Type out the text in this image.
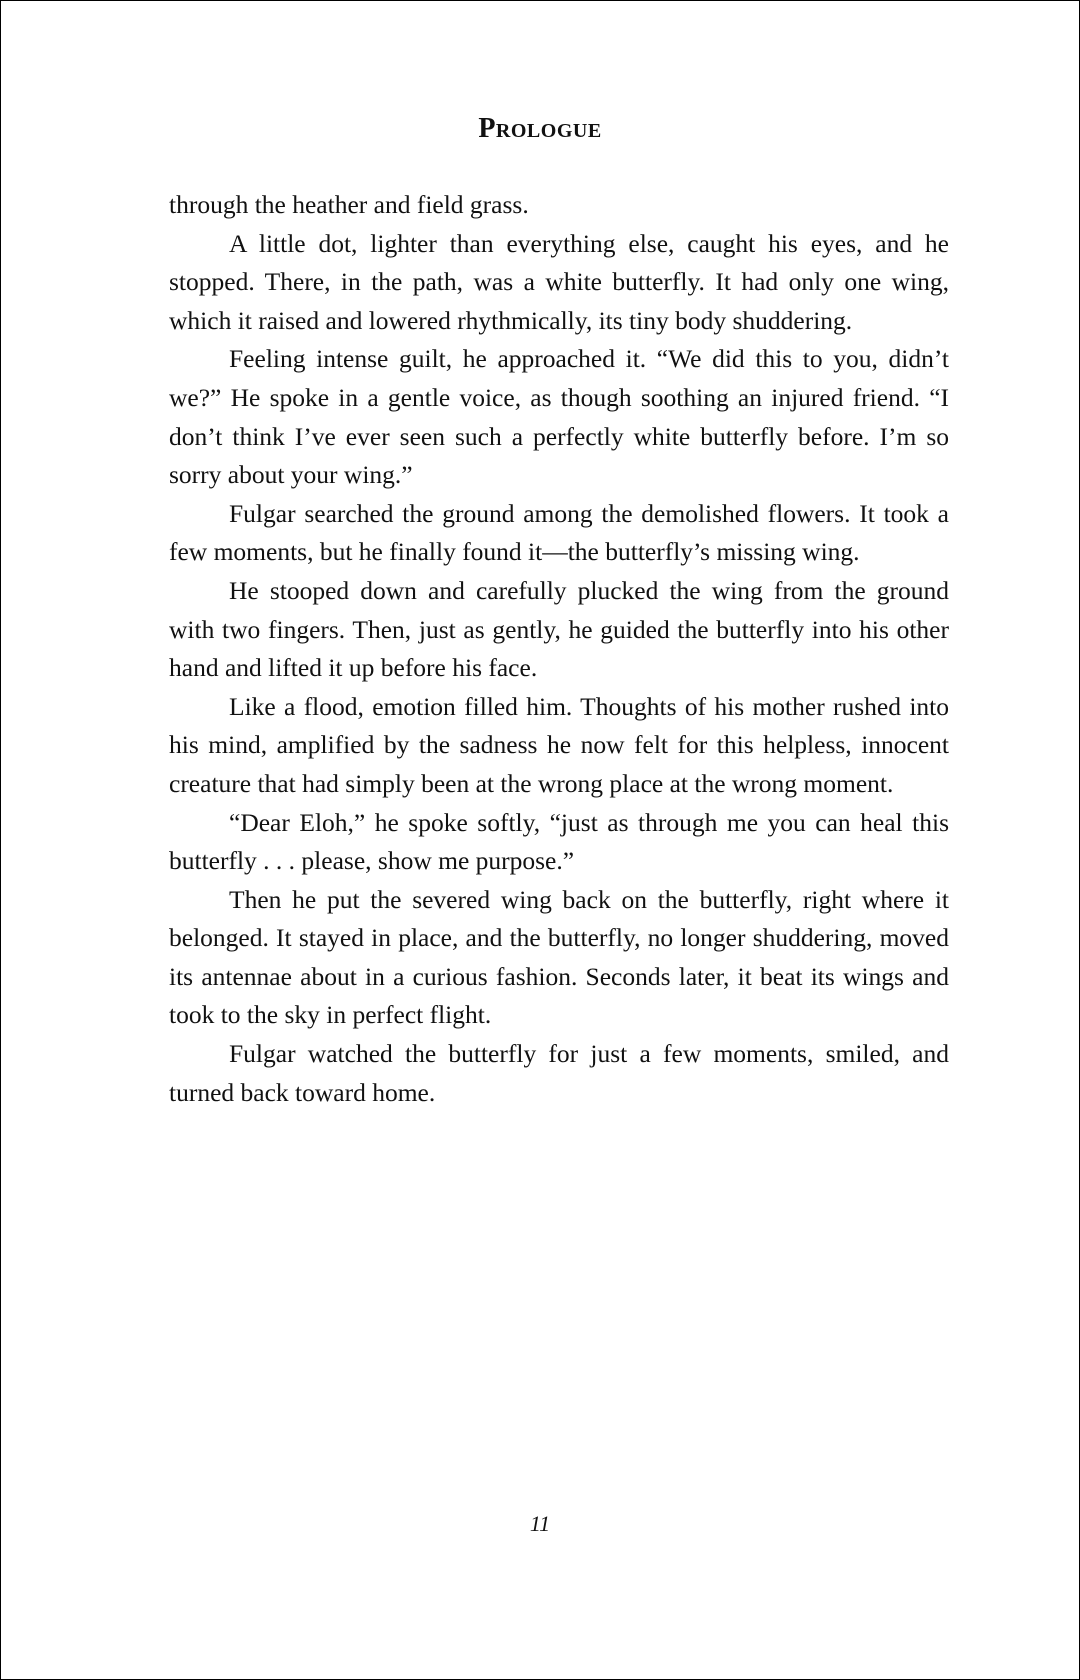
Prologue

through the heather and field grass.

A little dot, lighter than everything else, caught his eyes, and he stopped. There, in the path, was a white butterfly. It had only one wing, which it raised and lowered rhythmically, its tiny body shuddering.

Feeling intense guilt, he approached it. “We did this to you, didn’t we?” He spoke in a gentle voice, as though soothing an injured friend. “I don’t think I’ve ever seen such a perfectly white butterfly before. I’m so sorry about your wing.”

Fulgar searched the ground among the demolished flowers. It took a few moments, but he finally found it—the butterfly’s missing wing.

He stooped down and carefully plucked the wing from the ground with two fingers. Then, just as gently, he guided the butterfly into his other hand and lifted it up before his face.

Like a flood, emotion filled him. Thoughts of his mother rushed into his mind, amplified by the sadness he now felt for this helpless, innocent creature that had simply been at the wrong place at the wrong moment.

“Dear Eloh,” he spoke softly, “just as through me you can heal this butterfly . . . please, show me purpose.”

Then he put the severed wing back on the butterfly, right where it belonged. It stayed in place, and the butterfly, no longer shuddering, moved its antennae about in a curious fashion. Seconds later, it beat its wings and took to the sky in perfect flight.

Fulgar watched the butterfly for just a few moments, smiled, and turned back toward home.

11
